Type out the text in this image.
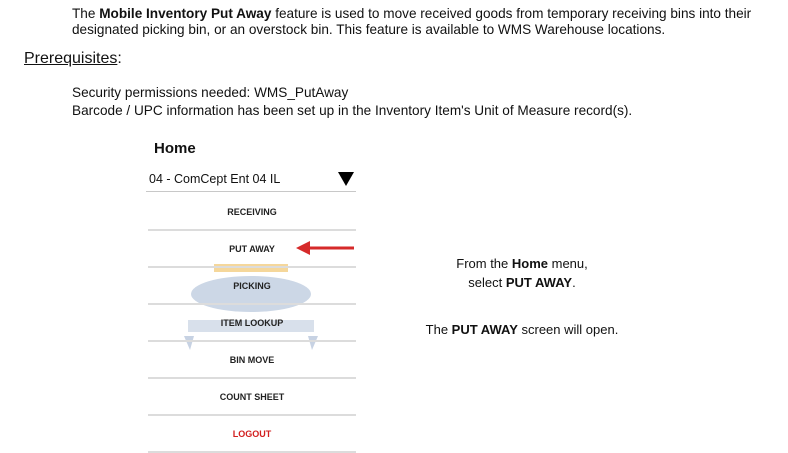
The Mobile Inventory Put Away feature is used to move received goods from temporary receiving bins into their designated picking bin, or an overstock bin. This feature is available to WMS Warehouse locations.
Prerequisites:
Security permissions needed: WMS_PutAway
Barcode / UPC information has been set up in the Inventory Item's Unit of Measure record(s).
Home
04 - ComCept Ent 04 IL
RECEIVING
PUT AWAY
PICKING
ITEM LOOKUP
BIN MOVE
COUNT SHEET
LOGOUT
From the Home menu,
select PUT AWAY.
The PUT AWAY screen will open.
